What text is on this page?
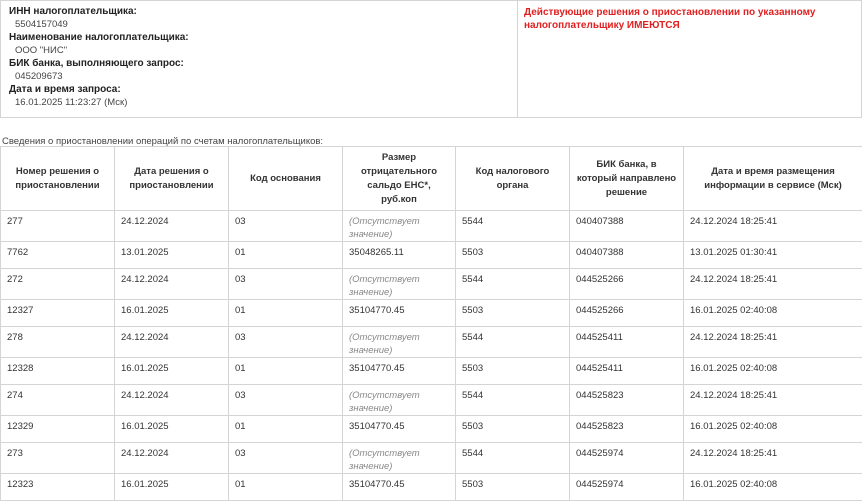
ИНН налогоплательщика:
5504157049
Наименование налогоплательщика:
ООО "НИС"
БИК банка, выполняющего запрос:
045209673
Дата и время запроса:
16.01.2025 11:23:27 (Мск)
Действующие решения о приостановлении по указанному налогоплательщику ИМЕЮТСЯ
Сведения о приостановлении операций по счетам налогоплательщиков:
Номер решения о приостановлении	Дата решения о приостановлении	Код основания	Размер отрицательного сальдо ЕНС*, руб.коп	Код налогового органа	БИК банка, в который направлено решение	Дата и время размещения информации в сервисе (Мск)
277	24.12.2024	03	(Отсутствует значение)	5544	040407388	24.12.2024 18:25:41
7762	13.01.2025	01	35048265.11	5503	040407388	13.01.2025 01:30:41
272	24.12.2024	03	(Отсутствует значение)	5544	044525266	24.12.2024 18:25:41
12327	16.01.2025	01	35104770.45	5503	044525266	16.01.2025 02:40:08
278	24.12.2024	03	(Отсутствует значение)	5544	044525411	24.12.2024 18:25:41
12328	16.01.2025	01	35104770.45	5503	044525411	16.01.2025 02:40:08
274	24.12.2024	03	(Отсутствует значение)	5544	044525823	24.12.2024 18:25:41
12329	16.01.2025	01	35104770.45	5503	044525823	16.01.2025 02:40:08
273	24.12.2024	03	(Отсутствует значение)	5544	044525974	24.12.2024 18:25:41
12323	16.01.2025	01	35104770.45	5503	044525974	16.01.2025 02:40:08
